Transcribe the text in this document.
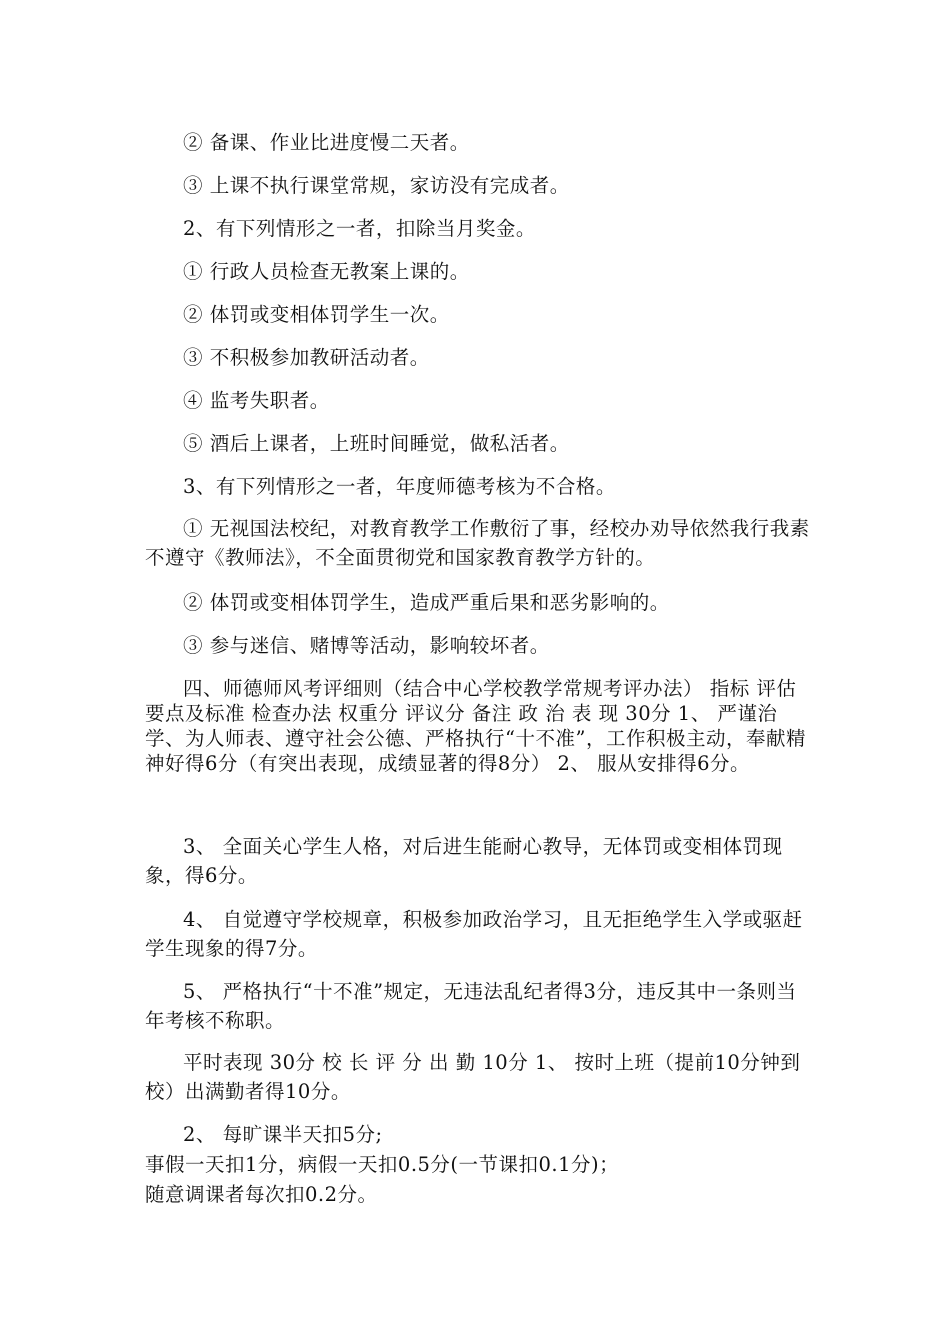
② 备课、作业比进度慢二天者。
③ 上课不执行课堂常规，家访没有完成者。
2、有下列情形之一者，扣除当月奖金。
① 行政人员检查无教案上课的。
② 体罚或变相体罚学生一次。
③ 不积极参加教研活动者。
④ 监考失职者。
⑤ 酒后上课者，上班时间睡觉，做私活者。
3、有下列情形之一者，年度师德考核为不合格。
① 无视国法校纪，对教育教学工作敷衍了事，经校办劝导依然我行我素不遵守《教师法》，不全面贯彻党和国家教育教学方针的。
② 体罚或变相体罚学生，造成严重后果和恶劣影响的。
③ 参与迷信、赌博等活动，影响较坏者。
四、师德师风考评细则（结合中心学校教学常规考评办法） 指标 评估要点及标准 检查办法 权重分 评议分 备注 政 治 表 现 30分 1、 严谨治学、为人师表、遵守社会公德、严格执行“十不准”，工作积极主动，奉献精神好得6分（有突出表现，成绩显著的得8分） 2、 服从安排得6分。
3、 全面关心学生人格，对后进生能耐心教导，无体罚或变相体罚现象，得6分。
4、 自觉遵守学校规章，积极参加政治学习，且无拒绝学生入学或驱赶学生现象的得7分。
5、 严格执行“十不准”规定，无违法乱纪者得3分，违反其中一条则当年考核不称职。
平时表现 30分 校 长 评 分 出 勤 10分 1、 按时上班（提前10分钟到校）出满勤者得10分。
2、 每旷课半天扣5分;
事假一天扣1分，病假一天扣0.5分(一节课扣0.1分)；
随意调课者每次扣0.2分。
